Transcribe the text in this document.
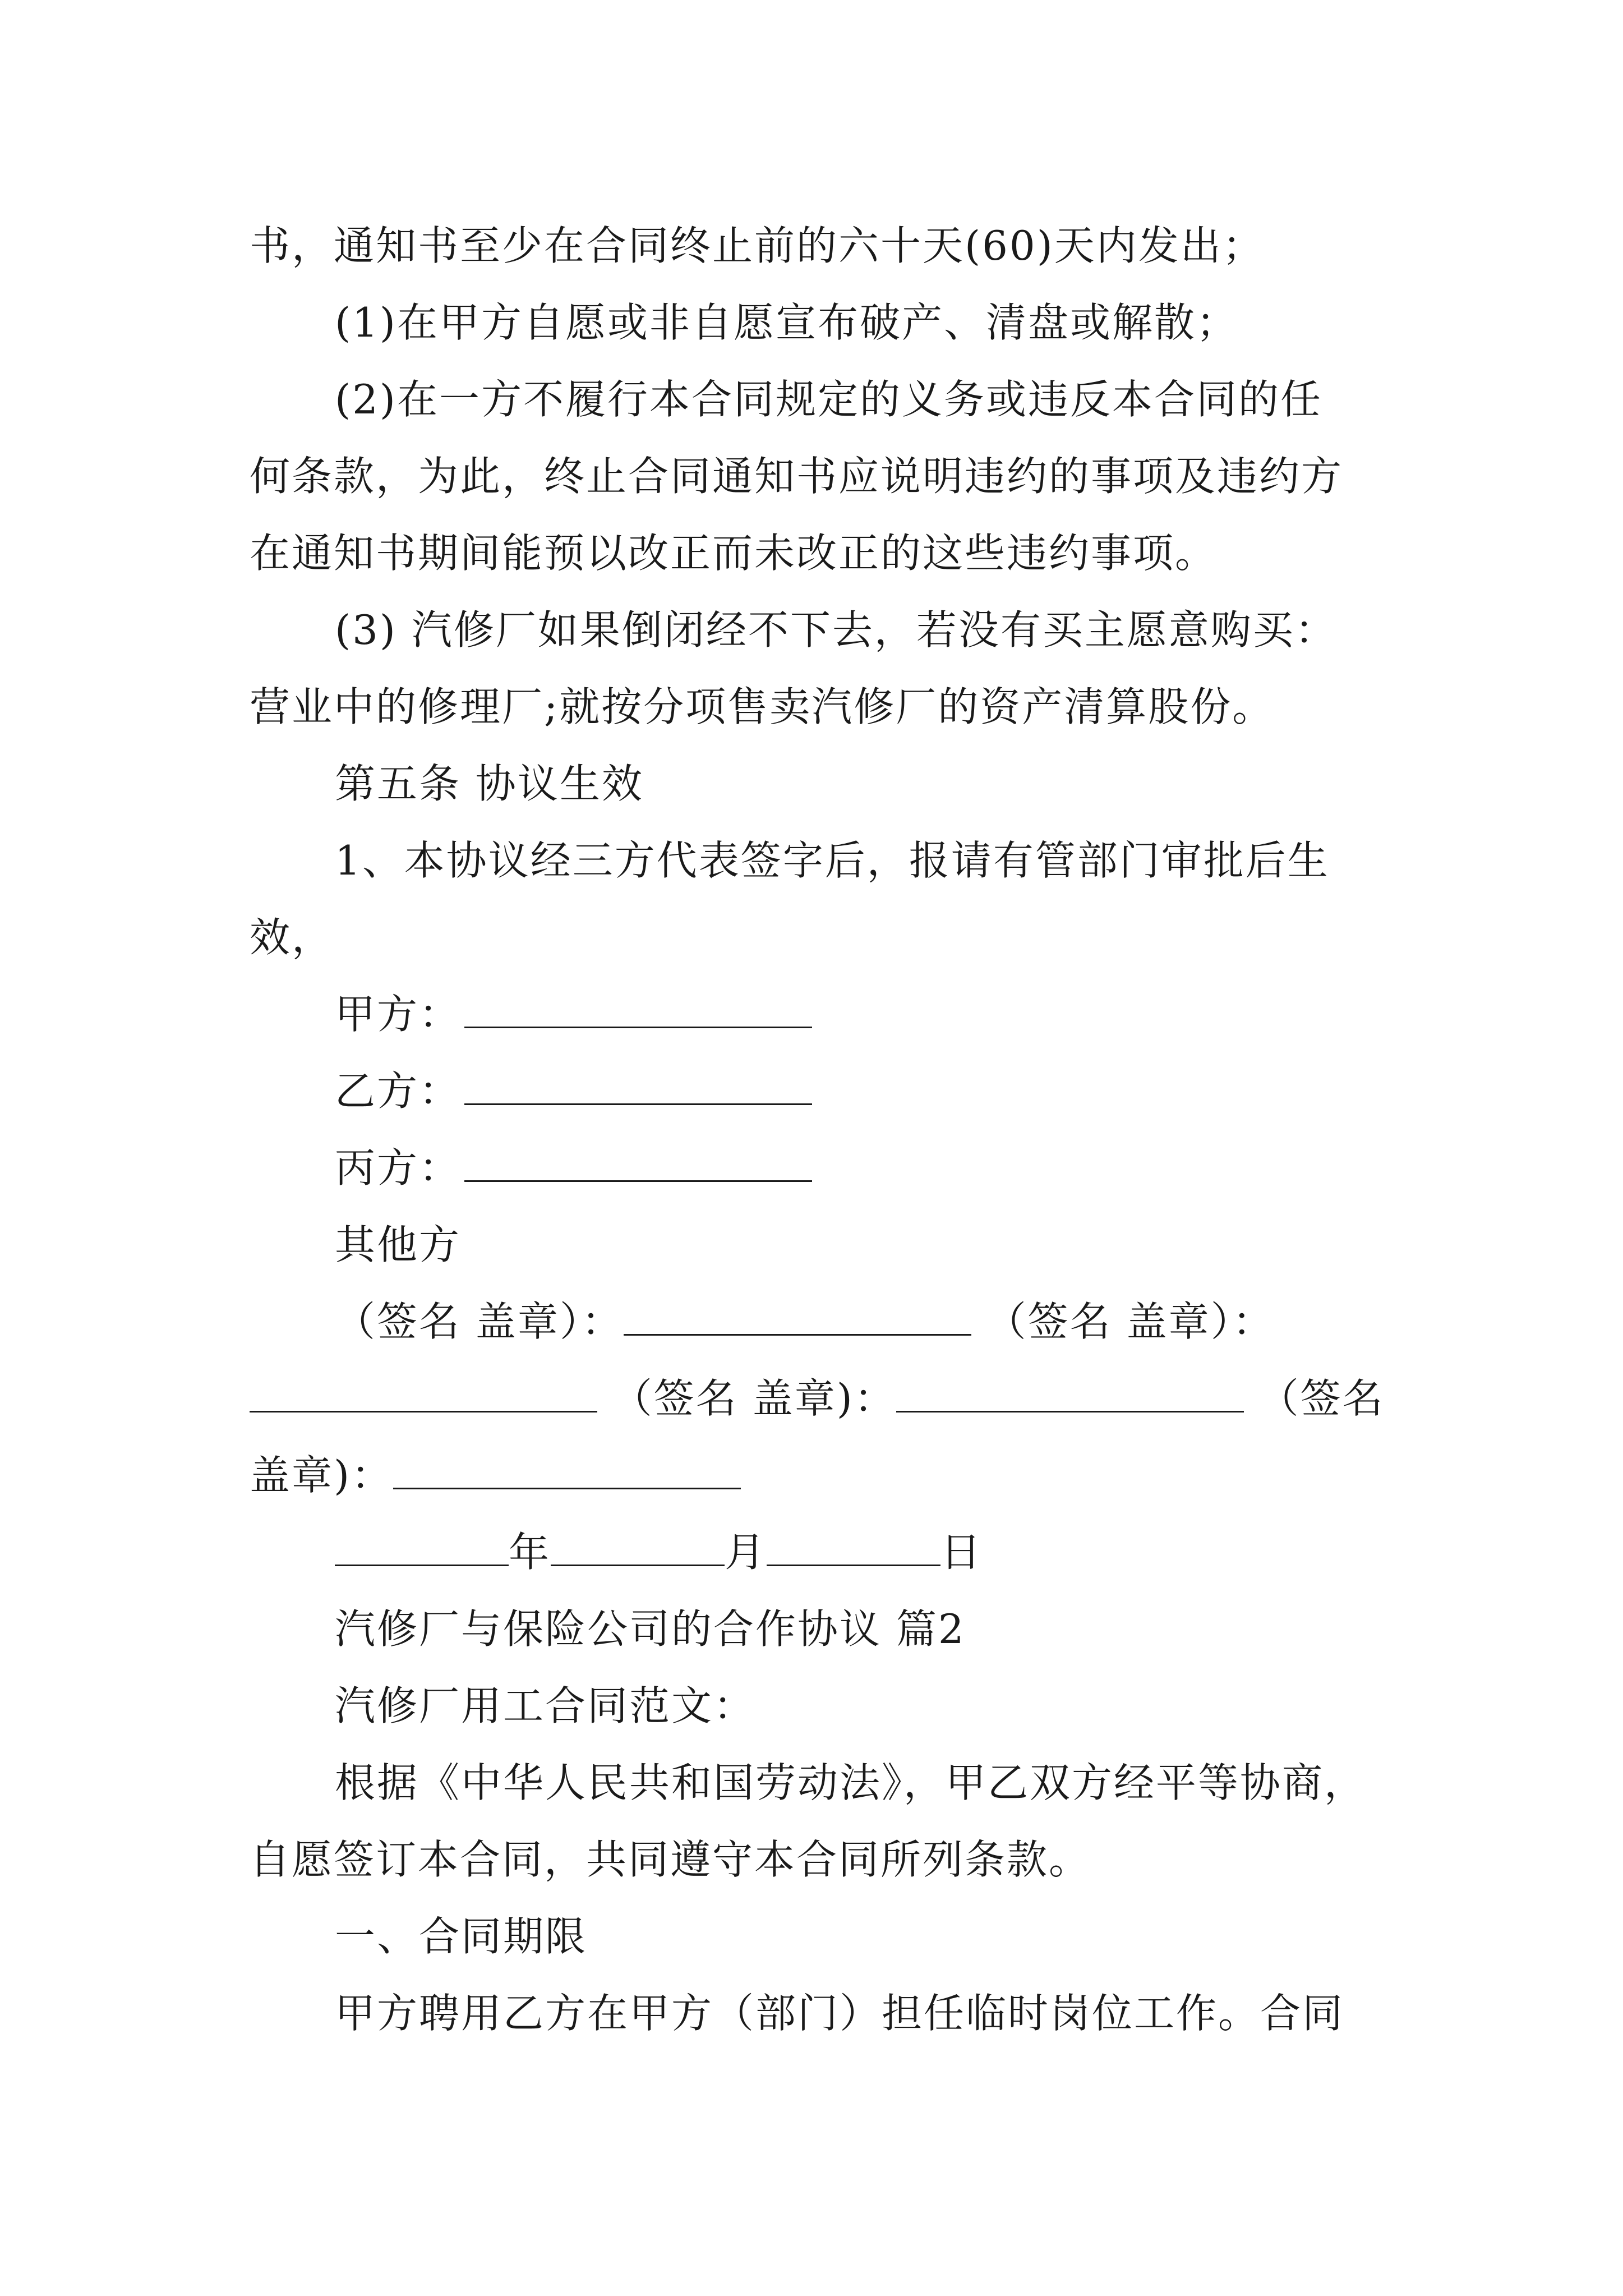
书，通知书至少在合同终止前的六十天(60)天内发出；
(1)在甲方自愿或非自愿宣布破产、清盘或解散；
(2)在一方不履行本合同规定的义务或违反本合同的任
何条款，为此，终止合同通知书应说明违约的事项及违约方
在通知书期间能预以改正而未改正的这些违约事项。
(3) 汽修厂如果倒闭经不下去，若没有买主愿意购买：
营业中的修理厂;就按分项售卖汽修厂的资产清算股份。
第五条 协议生效
1、本协议经三方代表签字后，报请有管部门审批后生
效，
甲方：
乙方：
丙方：
其他方
（签名 盖章）：	（签名 盖章）：
（签名 盖章)：	（签名
盖章)：
年	月	日
汽修厂与保险公司的合作协议 篇2
汽修厂用工合同范文：
根据《中华人民共和国劳动法》，甲乙双方经平等协商，
自愿签订本合同，共同遵守本合同所列条款。
一、合同期限
甲方聘用乙方在甲方（部门）担任临时岗位工作。合同
